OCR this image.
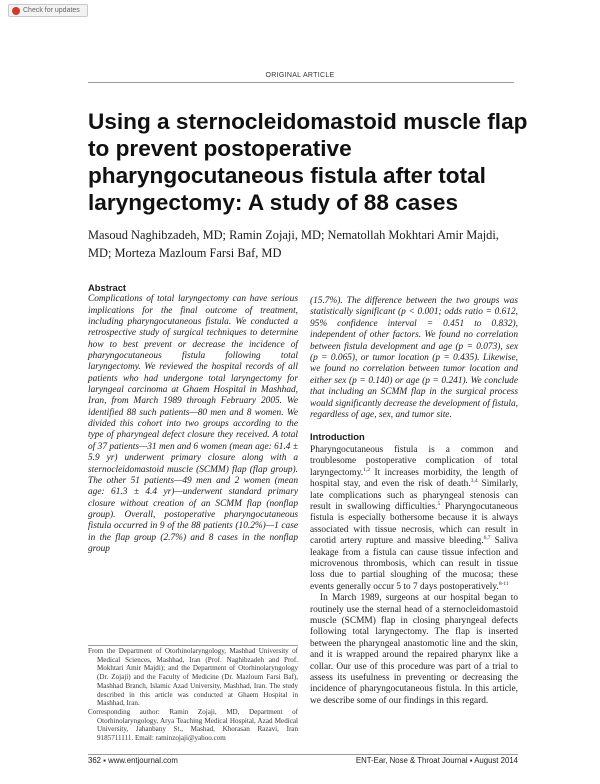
Check for updates
ORIGINAL ARTICLE
Using a sternocleidomastoid muscle flap to prevent postoperative pharyngocutaneous fistula after total laryngectomy: A study of 88 cases
Masoud Naghibzadeh, MD; Ramin Zojaji, MD; Nematollah Mokhtari Amir Majdi, MD; Morteza Mazloum Farsi Baf, MD
Abstract
Complications of total laryngectomy can have serious implications for the final outcome of treatment, including pharyngocutaneous fistula. We conducted a retrospective study of surgical techniques to determine how to best prevent or decrease the incidence of pharyngocutaneous fistula following total laryngectomy. We reviewed the hospital records of all patients who had undergone total laryngectomy for laryngeal carcinoma at Ghaem Hospital in Mashhad, Iran, from March 1989 through February 2005. We identified 88 such patients—80 men and 8 women. We divided this cohort into two groups according to the type of pharyngeal defect closure they received. A total of 37 patients—31 men and 6 women (mean age: 61.4 ± 5.9 yr) underwent primary closure along with a sternocleidomastoid muscle (SCMM) flap (flap group). The other 51 patients—49 men and 2 women (mean age: 61.3 ± 4.4 yr)—underwent standard primary closure without creation of an SCMM flap (nonflap group). Overall, postoperative pharyngocutaneous fistula occurred in 9 of the 88 patients (10.2%)—1 case in the flap group (2.7%) and 8 cases in the nonflap group
(15.7%). The difference between the two groups was statistically significant (p < 0.001; odds ratio = 0.612, 95% confidence interval = 0.451 to 0.832), independent of other factors. We found no correlation between fistula development and age (p = 0.073), sex (p = 0.065), or tumor location (p = 0.435). Likewise, we found no correlation between tumor location and either sex (p = 0.140) or age (p = 0.241). We conclude that including an SCMM flap in the surgical process would significantly decrease the development of fistula, regardless of age, sex, and tumor site.
Introduction

Pharyngocutaneous fistula is a common and troublesome postoperative complication of total laryngectomy.$^{1,2}$ It increases morbidity, the length of hospital stay, and even the risk of death.$^{3,4}$ Similarly, late complications such as pharyngeal stenosis can result in swallowing difficulties.$^5$ Pharyngocutaneous fistula is especially bothersome because it is always associated with tissue necrosis, which can result in carotid artery rupture and massive bleeding.$^{6,7}$ Saliva leakage from a fistula can cause tissue infection and microvenous thrombosis, which can result in tissue loss due to partial sloughing of the mucosa; these events generally occur 5 to 7 days postoperatively.$^{8-11}$

In March 1989, surgeons at our hospital began to routinely use the sternal head of a sternocleidomastoid muscle (SCMM) flap in closing pharyngeal defects following total laryngectomy. The flap is inserted between the pharyngeal anastomotic line and the skin, and it is wrapped around the repaired pharynx like a collar. Our use of this procedure was part of a trial to assess its usefulness in preventing or decreasing the incidence of pharyngocutaneous fistula. In this article, we describe some of our findings in this regard.

From the Department of Otorhinolaryngology, Mashhad University of Medical Sciences, Mashhad, Iran (Prof. Naghibzadeh and Prof. Mokhtari Amir Majdi); and the Department of Otorhinolaryngology (Dr. Zojaji) and the Faculty of Medicine (Dr. Mazloum Farsi Baf), Mashhad Branch, Islamic Azad University, Mashhad, Iran. The study described in this article was conducted at Ghaem Hospital in Mashhad, Iran.

Corresponding author: Ramin Zojaji, MD, Department of Otorhinolaryngology, Arya Teaching Medical Hospital, Azad Medical University, Jahanbany St., Mashad, Khorasan Razavi, Iran 9185711111. Email: raminzojaji@yahoo.com

362 ▪ www.entjournal.com	ENT-Ear, Nose & Throat Journal ▪ August 2014
